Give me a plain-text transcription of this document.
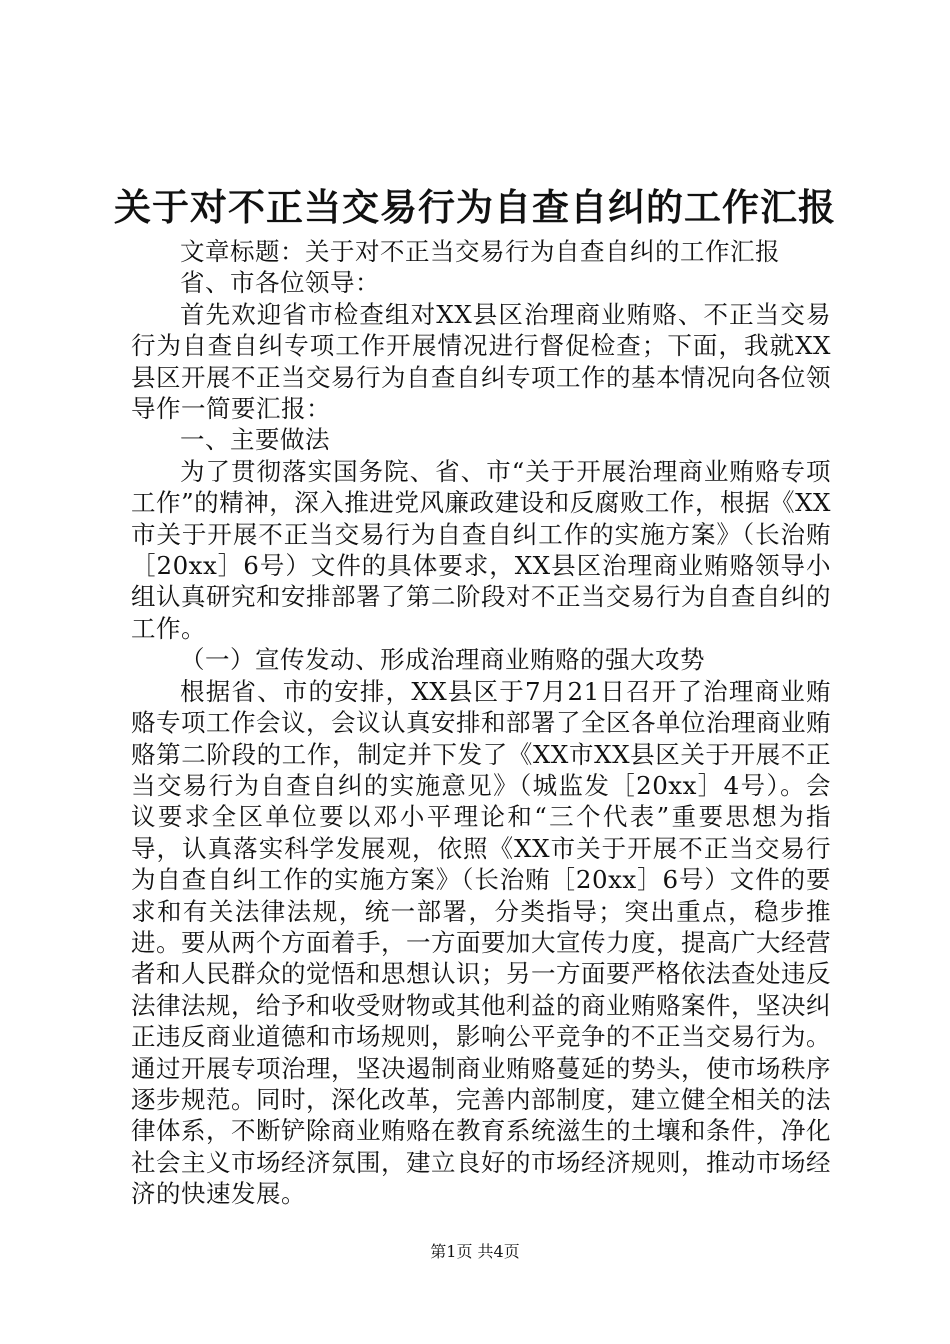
关于对不正当交易行为自查自纠的工作汇报

文章标题：关于对不正当交易行为自查自纠的工作汇报

省、市各位领导：

首先欢迎省市检查组对XX县区治理商业贿赂、不正当交易行为自查自纠专项工作开展情况进行督促检查；下面，我就XX县区开展不正当交易行为自查自纠专项工作的基本情况向各位领导作一简要汇报：

一、主要做法

为了贯彻落实国务院、省、市“关于开展治理商业贿赂专项工作”的精神，深入推进党风廉政建设和反腐败工作，根据《XX市关于开展不正当交易行为自查自纠工作的实施方案》（长治贿［20xx］6号）文件的具体要求，XX县区治理商业贿赂领导小组认真研究和安排部署了第二阶段对不正当交易行为自查自纠的工作。

（一）宣传发动、形成治理商业贿赂的强大攻势

根据省、市的安排，XX县区于7月21日召开了治理商业贿赂专项工作会议，会议认真安排和部署了全区各单位治理商业贿赂第二阶段的工作，制定并下发了《XX市XX县区关于开展不正当交易行为自查自纠的实施意见》（城监发［20xx］4号）。会议要求全区单位要以邓小平理论和“三个代表”重要思想为指导，认真落实科学发展观，依照《XX市关于开展不正当交易行为自查自纠工作的实施方案》（长治贿［20xx］6号）文件的要求和有关法律法规，统一部署，分类指导；突出重点，稳步推进。要从两个方面着手，一方面要加大宣传力度，提高广大经营者和人民群众的觉悟和思想认识；另一方面要严格依法查处违反法律法规，给予和收受财物或其他利益的商业贿赂案件，坚决纠正违反商业道德和市场规则，影响公平竞争的不正当交易行为。通过开展专项治理，坚决遏制商业贿赂蔓延的势头，使市场秩序逐步规范。同时，深化改革，完善内部制度，建立健全相关的法律体系，不断铲除商业贿赂在教育系统滋生的土壤和条件，净化社会主义市场经济氛围，建立良好的市场经济规则，推动市场经济的快速发展。

第1页 共4页
